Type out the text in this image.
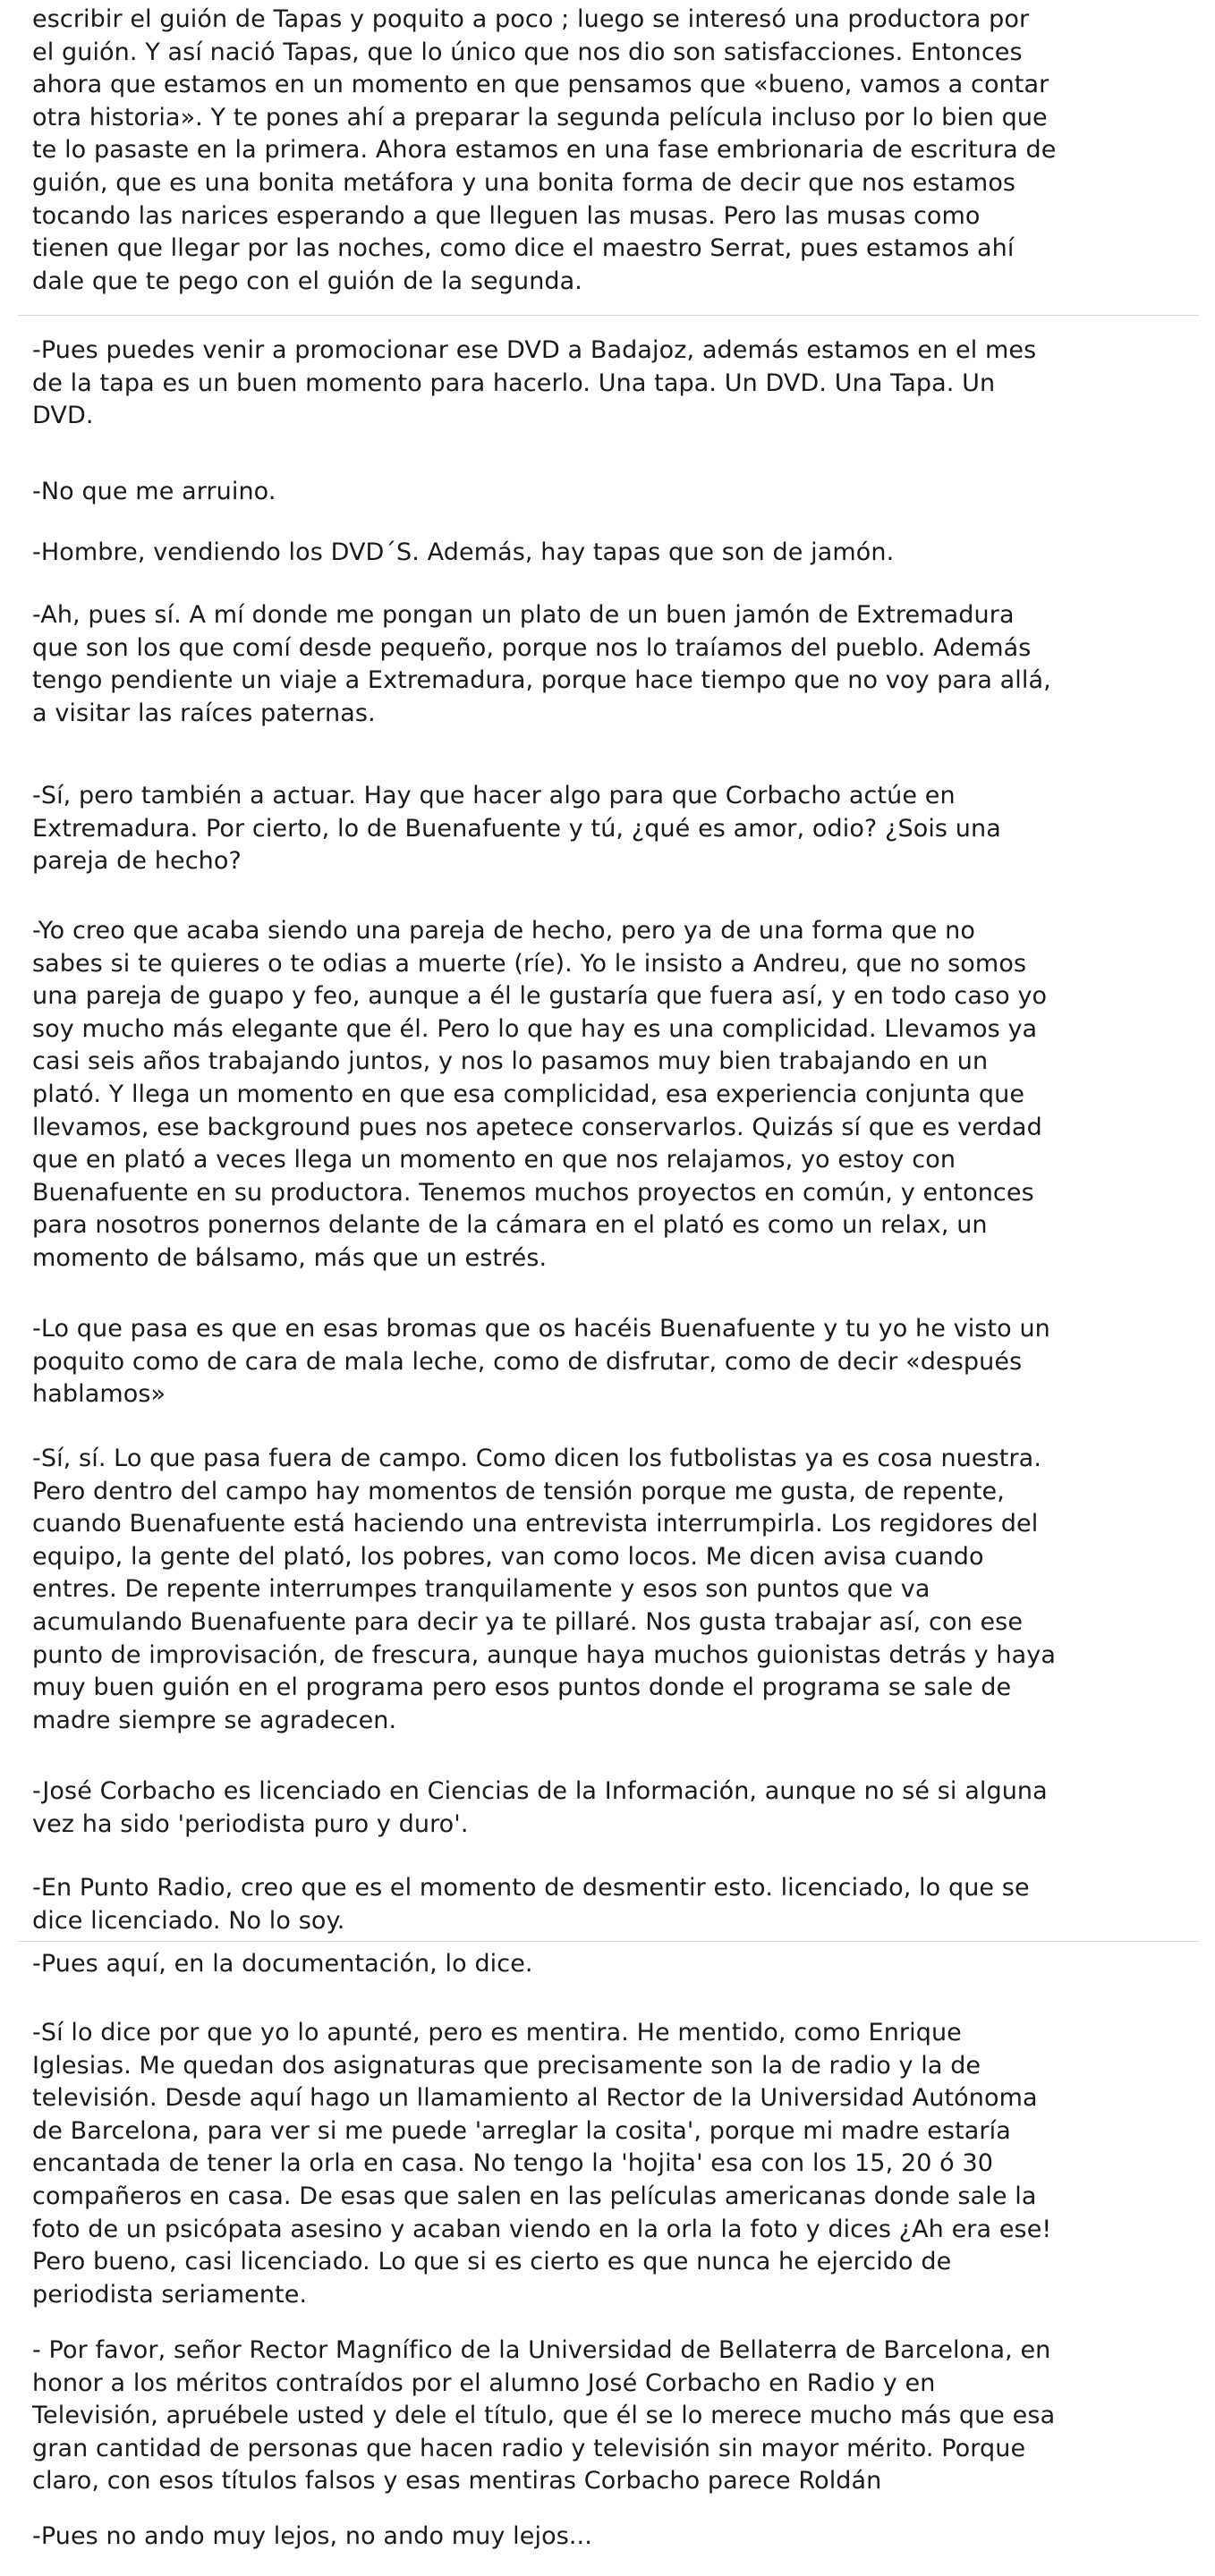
escribir el guión de Tapas y poquito a poco ; luego se interesó una productora por
el guión. Y así nació Tapas, que lo único que nos dio son satisfacciones. Entonces
ahora que estamos en un momento en que pensamos que «bueno, vamos a contar
otra historia». Y te pones ahí a preparar la segunda película incluso por lo bien que
te lo pasaste en la primera. Ahora estamos en una fase embrionaria de escritura de
guión, que es una bonita metáfora y una bonita forma de decir que nos estamos
tocando las narices esperando a que lleguen las musas. Pero las musas como
tienen que llegar por las noches, como dice el maestro Serrat, pues estamos ahí
dale que te pego con el guión de la segunda.
-Pues puedes venir a promocionar ese DVD a Badajoz, además estamos en el mes
de la tapa es un buen momento para hacerlo. Una tapa. Un DVD. Una Tapa. Un
DVD.
-No que me arruino.
-Hombre, vendiendo los DVD´S. Además, hay tapas que son de jamón.
-Ah, pues sí. A mí donde me pongan un plato de un buen jamón de Extremadura
que son los que comí desde pequeño, porque nos lo traíamos del pueblo. Además
tengo pendiente un viaje a Extremadura, porque hace tiempo que no voy para allá,
a visitar las raíces paternas.
-Sí, pero también a actuar. Hay que hacer algo para que Corbacho actúe en
Extremadura. Por cierto, lo de Buenafuente y tú, ¿qué es amor, odio? ¿Sois una
pareja de hecho?
-Yo creo que acaba siendo una pareja de hecho, pero ya de una forma que no
sabes si te quieres o te odias a muerte (ríe). Yo le insisto a Andreu, que no somos
una pareja de guapo y feo, aunque a él le gustaría que fuera así, y en todo caso yo
soy mucho más elegante que él. Pero lo que hay es una complicidad. Llevamos ya
casi seis años trabajando juntos, y nos lo pasamos muy bien trabajando en un
plató. Y llega un momento en que esa complicidad, esa experiencia conjunta que
llevamos, ese background pues nos apetece conservarlos. Quizás sí que es verdad
que en plató a veces llega un momento en que nos relajamos, yo estoy con
Buenafuente en su productora. Tenemos muchos proyectos en común, y entonces
para nosotros ponernos delante de la cámara en el plató es como un relax, un
momento de bálsamo, más que un estrés.
-Lo que pasa es que en esas bromas que os hacéis Buenafuente y tu yo he visto un
poquito como de cara de mala leche, como de disfrutar, como de decir «después
hablamos»
-Sí, sí. Lo que pasa fuera de campo. Como dicen los futbolistas ya es cosa nuestra.
Pero dentro del campo hay momentos de tensión porque me gusta, de repente,
cuando Buenafuente está haciendo una entrevista interrumpirla. Los regidores del
equipo, la gente del plató, los pobres, van como locos. Me dicen avisa cuando
entres. De repente interrumpes tranquilamente y esos son puntos que va
acumulando Buenafuente para decir ya te pillaré. Nos gusta trabajar así, con ese
punto de improvisación, de frescura, aunque haya muchos guionistas detrás y haya
muy buen guión en el programa pero esos puntos donde el programa se sale de
madre siempre se agradecen.
-José Corbacho es licenciado en Ciencias de la Información, aunque no sé si alguna
vez ha sido 'periodista puro y duro'.
-En Punto Radio, creo que es el momento de desmentir esto. licenciado, lo que se
dice licenciado. No lo soy.
-Pues aquí, en la documentación, lo dice.
-Sí lo dice por que yo lo apunté, pero es mentira. He mentido, como Enrique
Iglesias. Me quedan dos asignaturas que precisamente son la de radio y la de
televisión. Desde aquí hago un llamamiento al Rector de la Universidad Autónoma
de Barcelona, para ver si me puede 'arreglar la cosita', porque mi madre estaría
encantada de tener la orla en casa. No tengo la 'hojita' esa con los 15, 20 ó 30
compañeros en casa. De esas que salen en las películas americanas donde sale la
foto de un psicópata asesino y acaban viendo en la orla la foto y dices ¿Ah era ese!
Pero bueno, casi licenciado. Lo que si es cierto es que nunca he ejercido de
periodista seriamente.
- Por favor, señor Rector Magnífico de la Universidad de Bellaterra de Barcelona, en
honor a los méritos contraídos por el alumno José Corbacho en Radio y en
Televisión, apruébele usted y dele el título, que él se lo merece mucho más que esa
gran cantidad de personas que hacen radio y televisión sin mayor mérito. Porque
claro, con esos títulos falsos y esas mentiras Corbacho parece Roldán
-Pues no ando muy lejos, no ando muy lejos...
